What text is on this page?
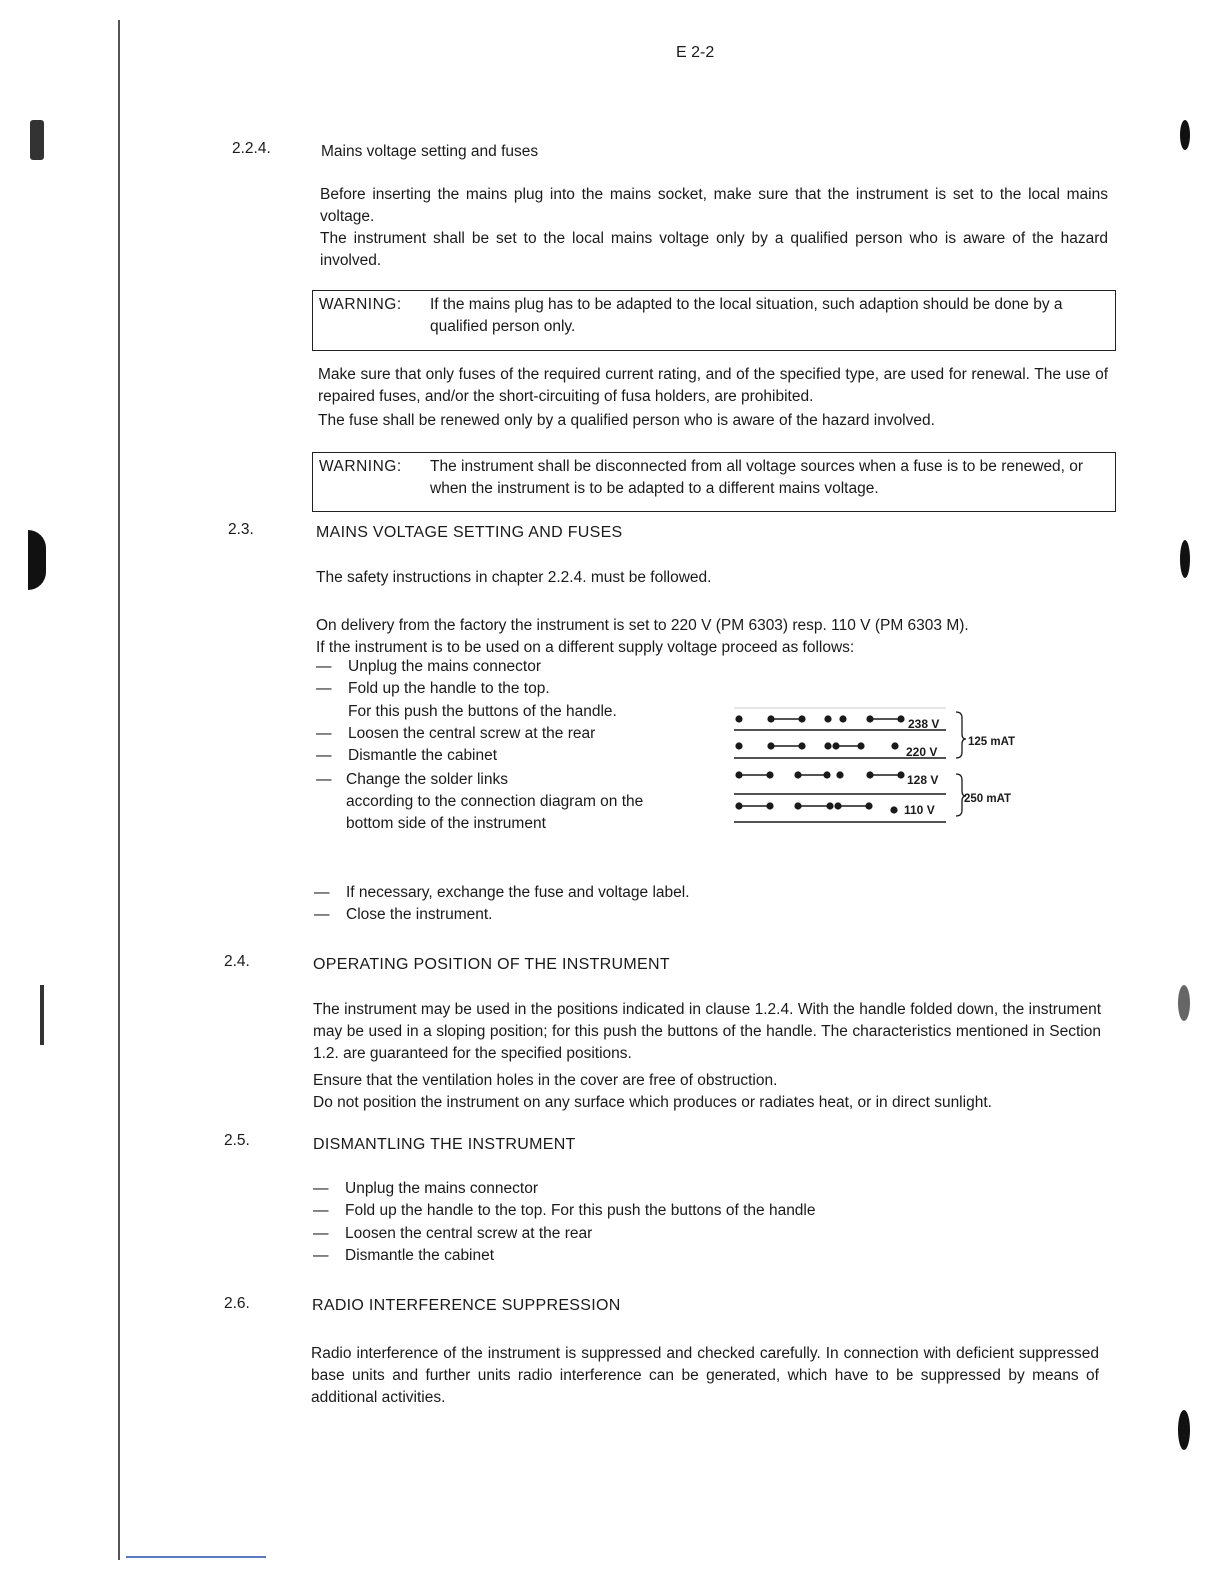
E 2-2
2.2.4.	Mains voltage setting and fuses
Before inserting the mains plug into the mains socket, make sure that the instrument is set to the local mains voltage.
The instrument shall be set to the local mains voltage only by a qualified person who is aware of the hazard involved.
WARNING: If the mains plug has to be adapted to the local situation, such adaption should be done by a qualified person only.
Make sure that only fuses of the required current rating, and of the specified type, are used for renewal. The use of repaired fuses, and/or the short-circuiting of fusa holders, are prohibited.
The fuse shall be renewed only by a qualified person who is aware of the hazard involved.
WARNING: The instrument shall be disconnected from all voltage sources when a fuse is to be renewed, or when the instrument is to be adapted to a different mains voltage.
2.3.	MAINS VOLTAGE SETTING AND FUSES
The safety instructions in chapter 2.2.4. must be followed.
On delivery from the factory the instrument is set to 220 V (PM 6303) resp. 110 V (PM 6303 M).
If the instrument is to be used on a different supply voltage proceed as follows:
— Unplug the mains connector
— Fold up the handle to the top.
For this push the buttons of the handle.
— Loosen the central screw at the rear
— Dismantle the cabinet
— Change the solder links
according to the connection diagram on the
bottom side of the instrument
238 V
220 V
128 V
110 V
125 mAT
250 mAT
— If necessary, exchange the fuse and voltage label.
— Close the instrument.
2.4.	OPERATING POSITION OF THE INSTRUMENT
The instrument may be used in the positions indicated in clause 1.2.4. With the handle folded down, the instrument may be used in a sloping position; for this push the buttons of the handle. The characteristics mentioned in Section 1.2. are guaranteed for the specified positions.
Ensure that the ventilation holes in the cover are free of obstruction.
Do not position the instrument on any surface which produces or radiates heat, or in direct sunlight.
2.5.	DISMANTLING THE INSTRUMENT
— Unplug the mains connector
— Fold up the handle to the top. For this push the buttons of the handle
— Loosen the central screw at the rear
— Dismantle the cabinet
2.6.	RADIO INTERFERENCE SUPPRESSION
Radio interference of the instrument is suppressed and checked carefully. In connection with deficient suppressed base units and further units radio interference can be generated, which have to be suppressed by means of additional activities.
